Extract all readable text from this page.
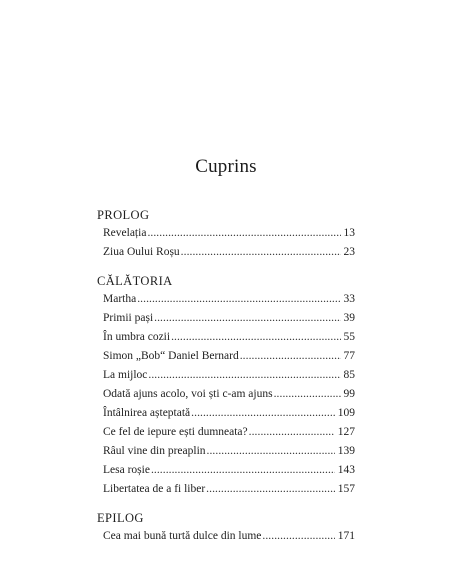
Cuprins
PROLOG
Revelația . . .	13
Ziua Oului Roșu . . .	23
CĂLĂTORIA
Martha . . .	33
Primii pași . . .	39
În umbra cozii . . .	55
Simon „Bob“ Daniel Bernard . . .	77
La mijloc . . .	85
Odată ajuns acolo, voi ști c-am ajuns . . .	99
Întâlnirea așteptată . . .	109
Ce fel de iepure ești dumneata? . . .	127
Râul vine din preaplin . . .	139
Lesa roșie . . .	143
Libertatea de a fi liber . . .	157
EPILOG
Cea mai bună turtă dulce din lume . . .	171
